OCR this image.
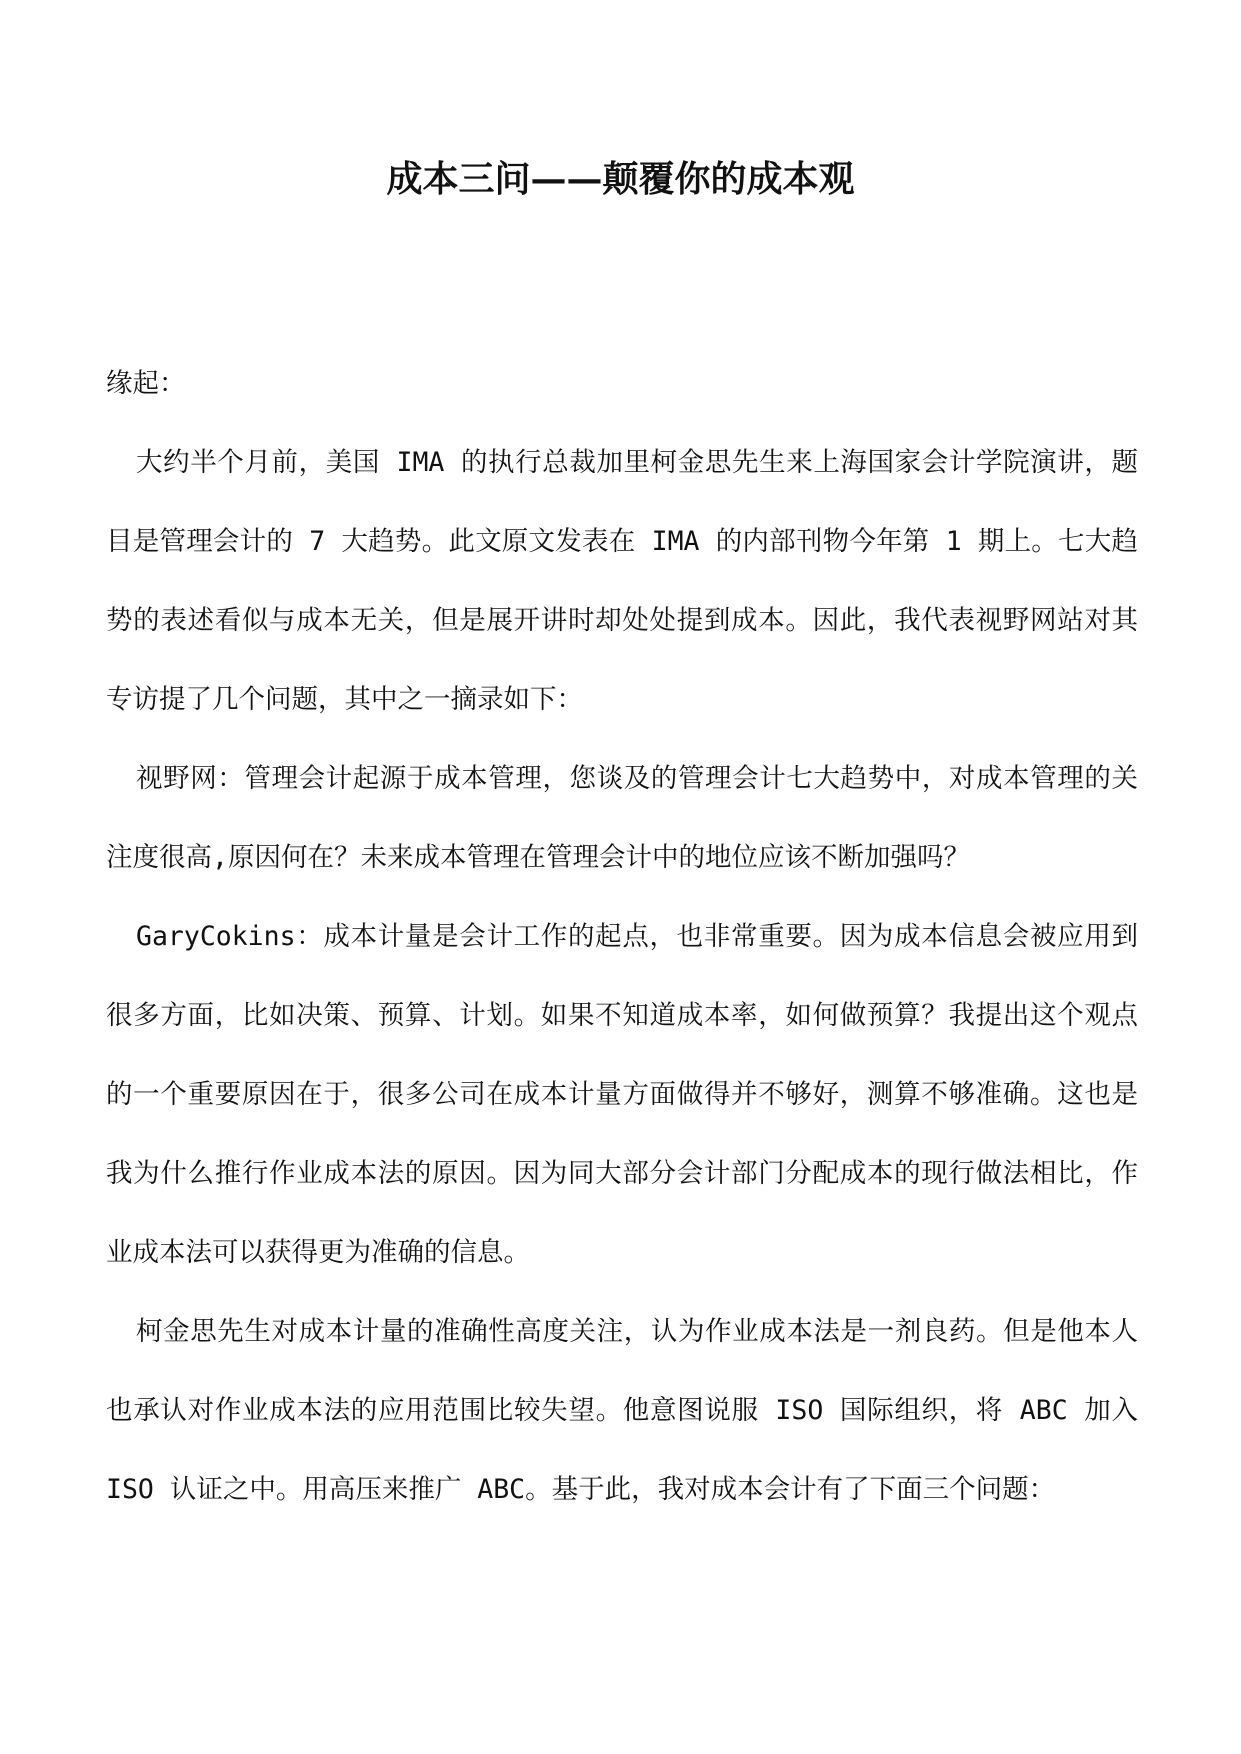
成本三问——颠覆你的成本观

缘起：

大约半个月前，美国 IMA 的执行总裁加里柯金思先生来上海国家会计学院演讲，题目是管理会计的 7 大趋势。此文原文发表在 IMA 的内部刊物今年第 1 期上。七大趋势的表述看似与成本无关，但是展开讲时却处处提到成本。因此，我代表视野网站对其专访提了几个问题，其中之一摘录如下：

视野网：管理会计起源于成本管理，您谈及的管理会计七大趋势中，对成本管理的关注度很高,原因何在？未来成本管理在管理会计中的地位应该不断加强吗？

GaryCokins：成本计量是会计工作的起点，也非常重要。因为成本信息会被应用到很多方面，比如决策、预算、计划。如果不知道成本率，如何做预算？我提出这个观点的一个重要原因在于，很多公司在成本计量方面做得并不够好，测算不够准确。这也是我为什么推行作业成本法的原因。因为同大部分会计部门分配成本的现行做法相比，作业成本法可以获得更为准确的信息。

柯金思先生对成本计量的准确性高度关注，认为作业成本法是一剂良药。但是他本人也承认对作业成本法的应用范围比较失望。他意图说服 ISO 国际组织，将 ABC 加入 ISO 认证之中。用高压来推广 ABC。基于此，我对成本会计有了下面三个问题：
